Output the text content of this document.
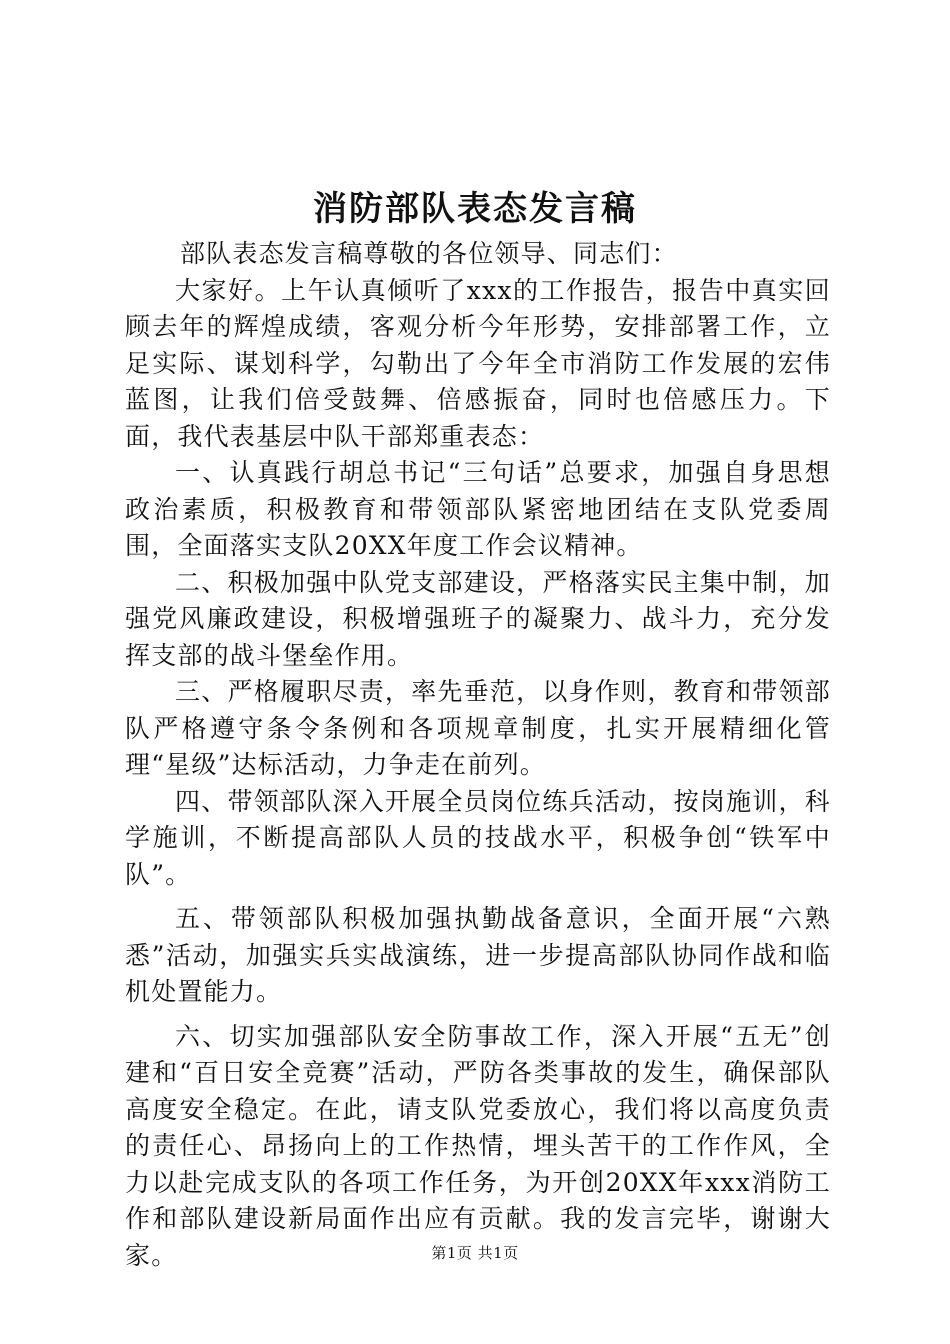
消防部队表态发言稿

部队表态发言稿尊敬的各位领导、同志们：

大家好。上午认真倾听了xxx的工作报告，报告中真实回顾去年的辉煌成绩，客观分析今年形势，安排部署工作，立足实际、谋划科学，勾勒出了今年全市消防工作发展的宏伟蓝图，让我们倍受鼓舞、倍感振奋，同时也倍感压力。下面，我代表基层中队干部郑重表态：

一、认真践行胡总书记“三句话”总要求，加强自身思想政治素质，积极教育和带领部队紧密地团结在支队党委周围，全面落实支队20XX年度工作会议精神。

二、积极加强中队党支部建设，严格落实民主集中制，加强党风廉政建设，积极增强班子的凝聚力、战斗力，充分发挥支部的战斗堡垒作用。

三、严格履职尽责，率先垂范，以身作则，教育和带领部队严格遵守条令条例和各项规章制度，扎实开展精细化管理“星级”达标活动，力争走在前列。

四、带领部队深入开展全员岗位练兵活动，按岗施训，科学施训，不断提高部队人员的技战水平，积极争创“铁军中队”。

五、带领部队积极加强执勤战备意识，全面开展“六熟悉”活动，加强实兵实战演练，进一步提高部队协同作战和临机处置能力。

六、切实加强部队安全防事故工作，深入开展“五无”创建和“百日安全竞赛”活动，严防各类事故的发生，确保部队高度安全稳定。在此，请支队党委放心，我们将以高度负责的责任心、昂扬向上的工作热情，埋头苦干的工作作风，全力以赴完成支队的各项工作任务，为开创20XX年xxx消防工作和部队建设新局面作出应有贡献。我的发言完毕，谢谢大家。	第1页 共1页
